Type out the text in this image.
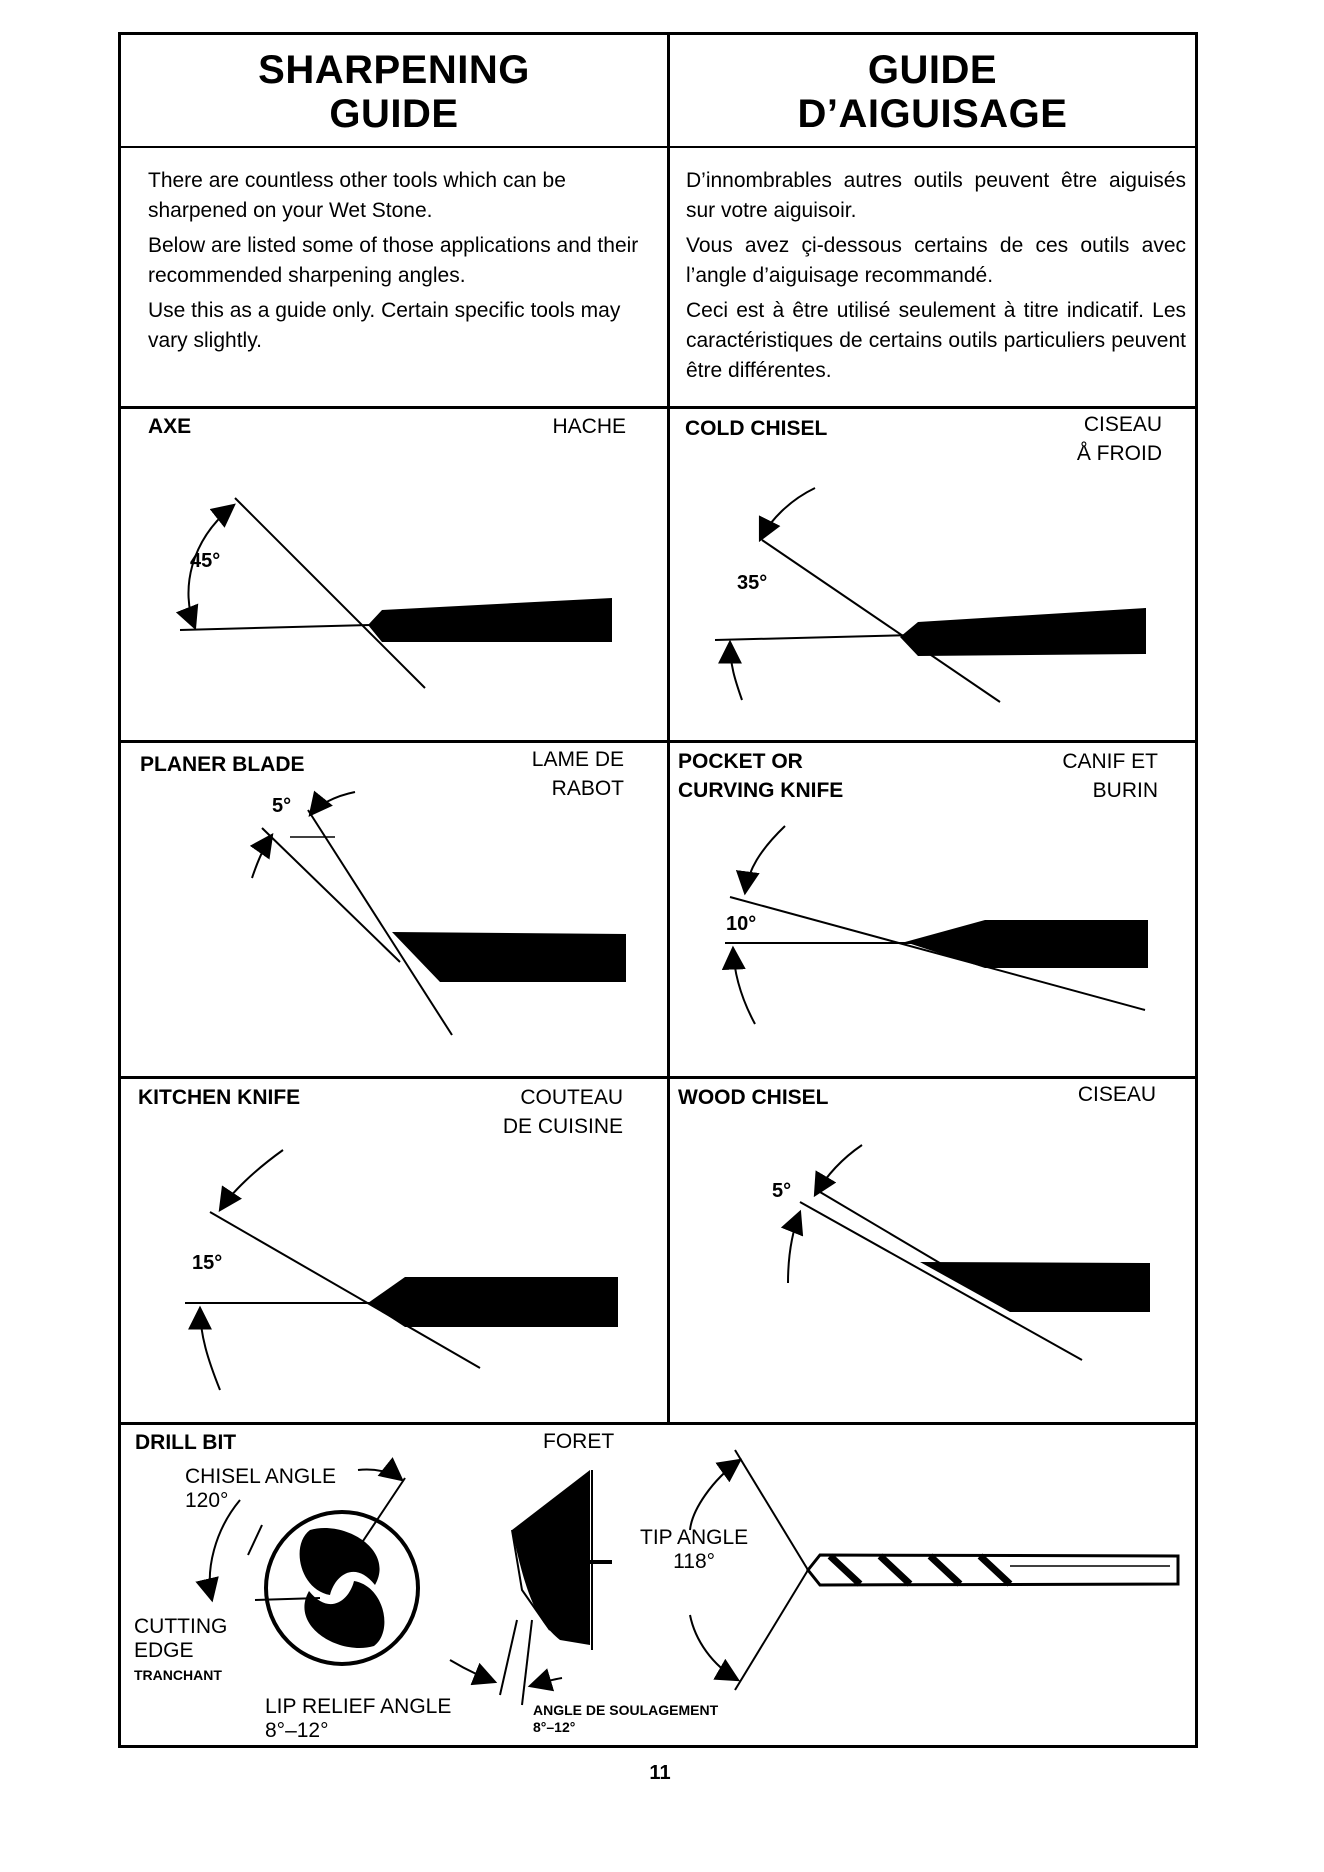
SHARPENING
GUIDE
GUIDE
D’AIGUISAGE

There are countless other tools which can be sharpened on your Wet Stone.

Below are listed some of those applications and their recommended sharpening angles.

Use this as a guide only. Certain specific tools may vary slightly.

D’innombrables autres outils peuvent être aiguisés sur votre aiguisoir.

Vous avez çi-dessous certains de ces outils avec l’angle d’aiguisage recommandé.

Ceci est à être utilisé seulement à titre indicatif. Les caractéristiques de certains outils particuliers peuvent être différentes.

AXE	HACHE	COLD CHISEL	CISEAU
Å FROID
PLANER BLADE	LAME DE
RABOT
POCKET OR
CURVING KNIFE
CANIF ET
BURIN
KITCHEN KNIFE	COUTEAU
DE CUISINE
WOOD CHISEL	CISEAU
45°
35°
5°
10°
15°
5°
DRILL BIT	FORET
CHISEL ANGLE
120°
CUTTING
EDGE
TRANCHANT
TIP ANGLE
118°
LIP RELIEF ANGLE
8°–12°
ANGLE DE SOULAGEMENT
8°–12°
11
